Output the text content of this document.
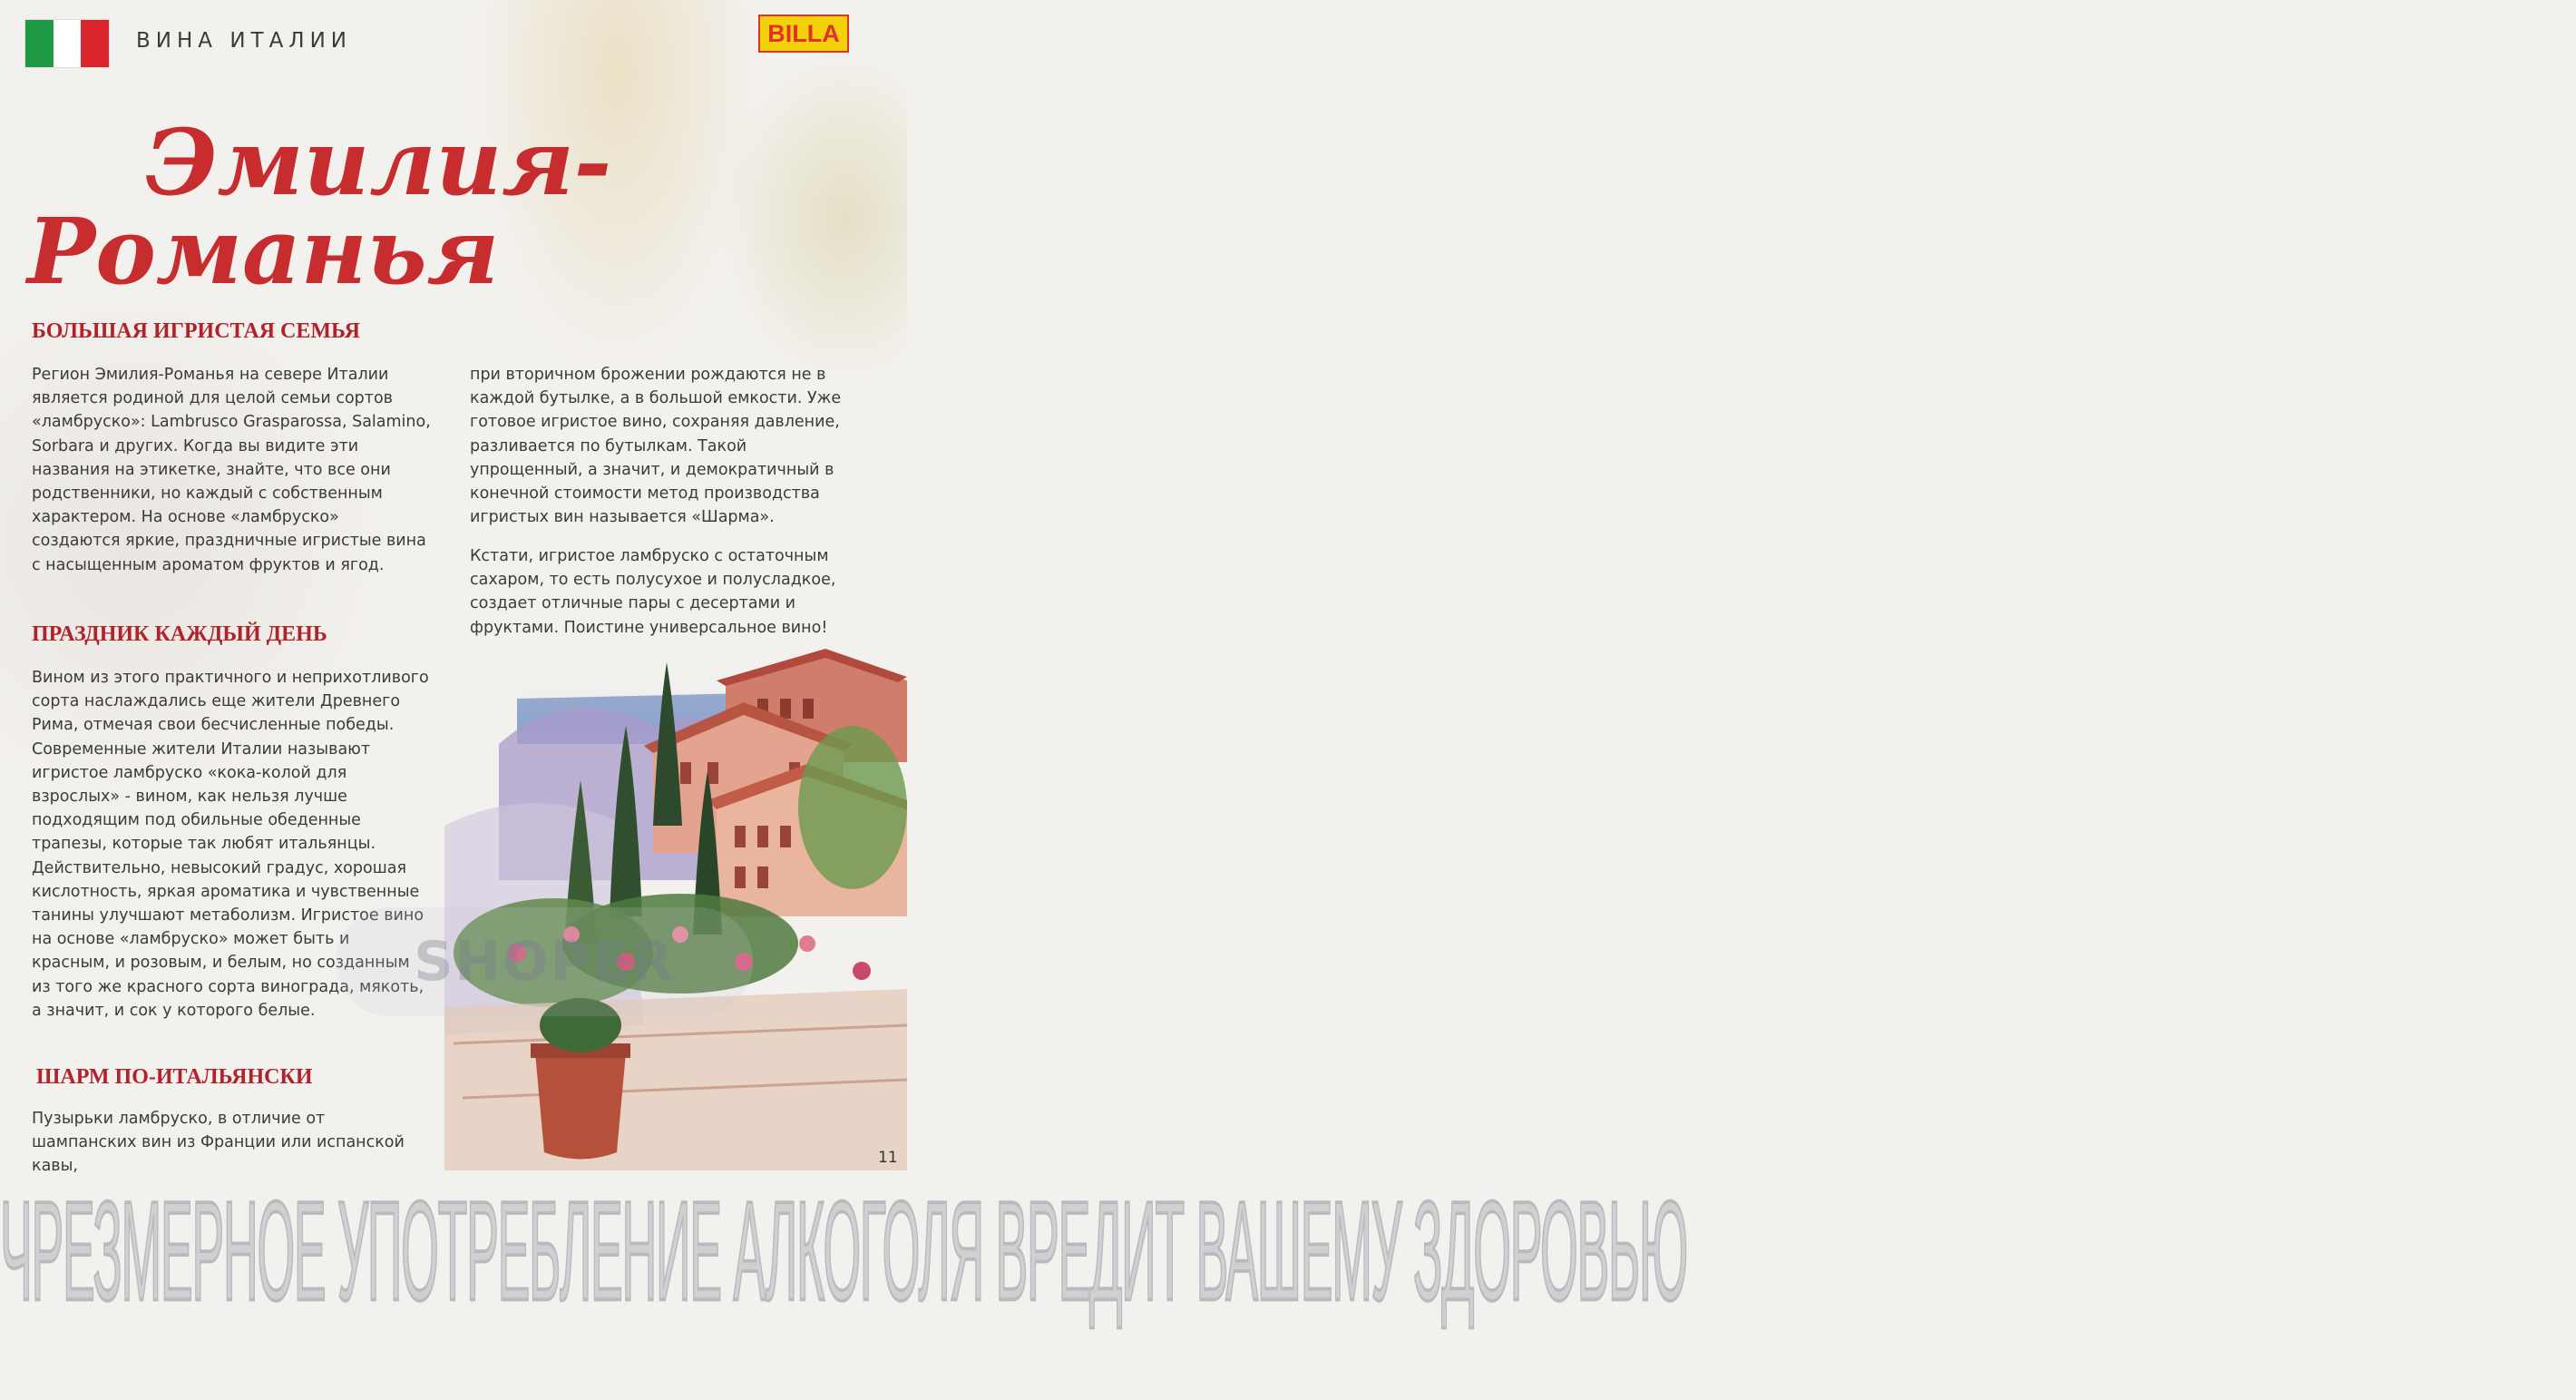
ВИНА ИТАЛИИ	BILLA
Эмилия-
Романья
БОЛЬШАЯ ИГРИСТАЯ СЕМЬЯ
Регион Эмилия-Романья на севере Италии является родиной для целой семьи сортов «ламбруско»: Lambrusco Grasparossa, Salamino, Sorbara и других. Когда вы видите эти названия на этикетке, знайте, что все они родственники, но каждый с собственным характером. На основе «ламбруско» создаются яркие, праздничные игристые вина с насыщенным ароматом фруктов и ягод.
ПРАЗДНИК КАЖДЫЙ ДЕНЬ
Вином из этого практичного и неприхотливого сорта наслаждались еще жители Древнего Рима, отмечая свои бесчисленные победы. Современные жители Италии называют игристое ламбруско «кока-колой для взрослых» - вином, как нельзя лучше подходящим под обильные обеденные трапезы, которые так любят итальянцы. Действительно, невысокий градус, хорошая кислотность, яркая ароматика и чувственные танины улучшают метаболизм. Игристое вино на основе «ламбруско» может быть и красным, и розовым, и белым, но созданным из того же красного сорта винограда, мякоть, а значит, и сок у которого белые.
ШАРМ ПО-ИТАЛЬЯНСКИ
Пузырьки ламбруско, в отличие от шампанских вин из Франции или испанской кавы,
при вторичном брожении рождаются не в каждой бутылке, а в большой емкости. Уже готовое игристое вино, сохраняя давление, разливается по бутылкам. Такой упрощенный, а значит, и демократичный в конечной стоимости метод производства игристых вин называется «Шарма».
Кстати, игристое ламбруско с остаточным сахаром, то есть полусухое и полусладкое, создает отличные пары с десертами и фруктами. Поистине универсальное вино!
SHOPER
11
ЧРЕЗМЕРНОЕ УПОТРЕБЛЕНИЕ АЛКОГОЛЯ ВРЕДИТ ВАШЕМУ ЗДОРОВЬЮ
